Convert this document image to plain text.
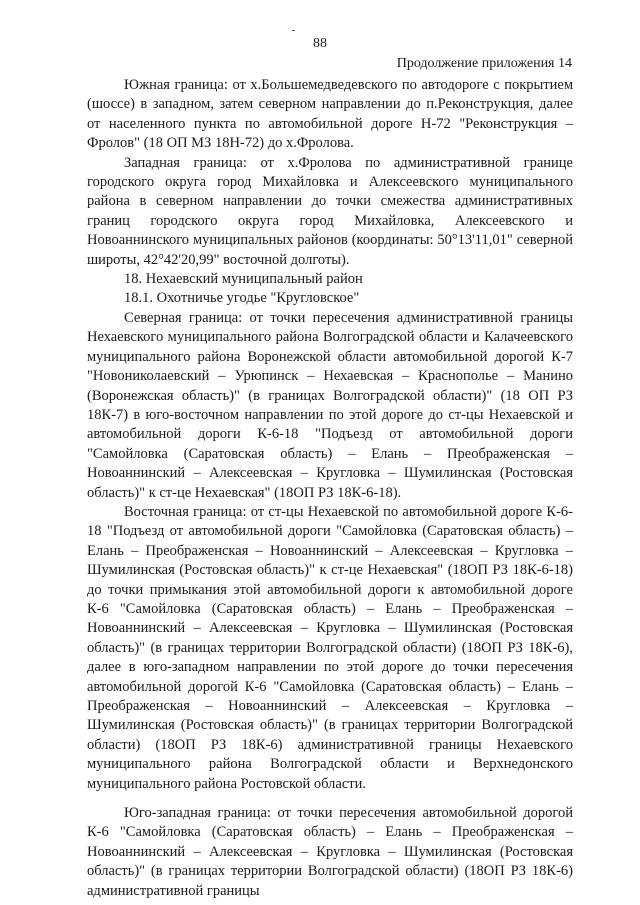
88
Продолжение приложения 14

Южная граница: от х.Большемедведевского по автодороге с покрытием (шоссе) в западном, затем северном направлении до п.Реконструкция, далее от населенного пункта по автомобильной дороге Н-72 "Реконструкция – Фролов" (18 ОП МЗ 18Н-72) до х.Фролова.

Западная граница: от х.Фролова по административной границе городского округа город Михайловка и Алексеевского муниципального района в северном направлении до точки смежества административных границ городского округа город Михайловка, Алексеевского и Новоаннинского муниципальных районов (координаты: 50°13'11,01" северной широты, 42°42'20,99" восточной долготы).

18. Нехаевский муниципальный район

18.1. Охотничье угодье "Кругловское"

Северная граница: от точки пересечения административной границы Нехаевского муниципального района Волгоградской области и Калачеевского муниципального района Воронежской области автомобильной дорогой К-7 "Новониколаевский – Урюпинск – Нехаевская – Краснополье – Манино (Воронежская область)" (в границах Волгоградской области)" (18 ОП РЗ 18К-7) в юго-восточном направлении по этой дороге до ст-цы Нехаевской и автомобильной дороги К-6-18 "Подъезд от автомобильной дороги "Самойловка (Саратовская область) – Елань – Преображенская – Новоаннинский – Алексеевская – Кругловка – Шумилинская (Ростовская область)" к ст-це Нехаевская" (18ОП РЗ 18К-6-18).

Восточная граница: от ст-цы Нехаевской по автомобильной дороге К-6-18 "Подъезд от автомобильной дороги "Самойловка (Саратовская область) – Елань – Преображенская – Новоаннинский – Алексеевская – Кругловка – Шумилинская (Ростовская область)" к ст-це Нехаевская" (18ОП РЗ 18К-6-18) до точки примыкания этой автомобильной дороги к автомобильной дороге К-6 "Самойловка (Саратовская область) – Елань – Преображенская – Новоаннинский – Алексеевская – Кругловка – Шумилинская (Ростовская область)" (в границах территории Волгоградской области) (18ОП РЗ 18К-6), далее в юго-западном направлении по этой дороге до точки пересечения автомобильной дорогой К-6 "Самойловка (Саратовская область) – Елань – Преображенская – Новоаннинский – Алексеевская – Кругловка – Шумилинская (Ростовская область)" (в границах территории Волгоградской области) (18ОП РЗ 18К-6) административной границы Нехаевского муниципального района Волгоградской области и Верхнедонского муниципального района Ростовской области.

Юго-западная граница: от точки пересечения автомобильной дорогой К-6 "Самойловка (Саратовская область) – Елань – Преображенская – Новоаннинский – Алексеевская – Кругловка – Шумилинская (Ростовская область)" (в границах территории Волгоградской области) (18ОП РЗ 18К-6) административной границы
